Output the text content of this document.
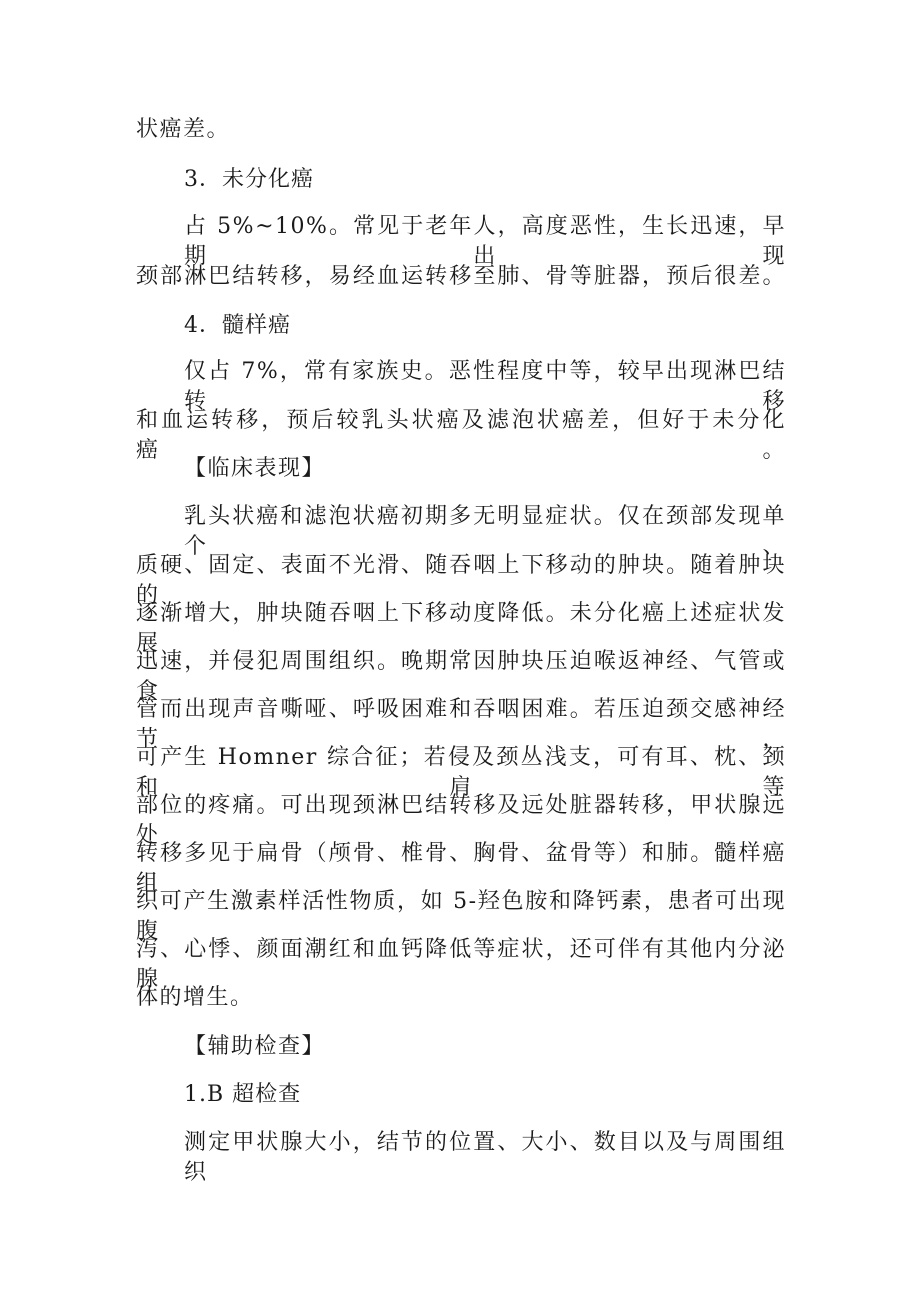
状癌差。
3．未分化癌
占 5%~10%。常见于老年人，高度恶性，生长迅速，早期出现
颈部淋巴结转移，易经血运转移至肺、骨等脏器，预后很差。
4．髓样癌
仅占 7%，常有家族史。恶性程度中等，较早出现淋巴结转移
和血运转移，预后较乳头状癌及滤泡状癌差，但好于未分化癌。
【临床表现】
乳头状癌和滤泡状癌初期多无明显症状。仅在颈部发现单个、
质硬、固定、表面不光滑、随吞咽上下移动的肿块。随着肿块的
逐渐增大，肿块随吞咽上下移动度降低。未分化癌上述症状发展
迅速，并侵犯周围组织。晚期常因肿块压迫喉返神经、气管或食
管而出现声音嘶哑、呼吸困难和吞咽困难。若压迫颈交感神经节，
可产生 Homner 综合征；若侵及颈丛浅支，可有耳、枕、颈和肩等
部位的疼痛。可出现颈淋巴结转移及远处脏器转移，甲状腺远处
转移多见于扁骨（颅骨、椎骨、胸骨、盆骨等）和肺。髓样癌组
织可产生激素样活性物质，如 5-羟色胺和降钙素，患者可出现腹
泻、心悸、颜面潮红和血钙降低等症状，还可伴有其他内分泌腺
体的增生。
【辅助检查】
1.B 超检查
测定甲状腺大小，结节的位置、大小、数目以及与周围组织
